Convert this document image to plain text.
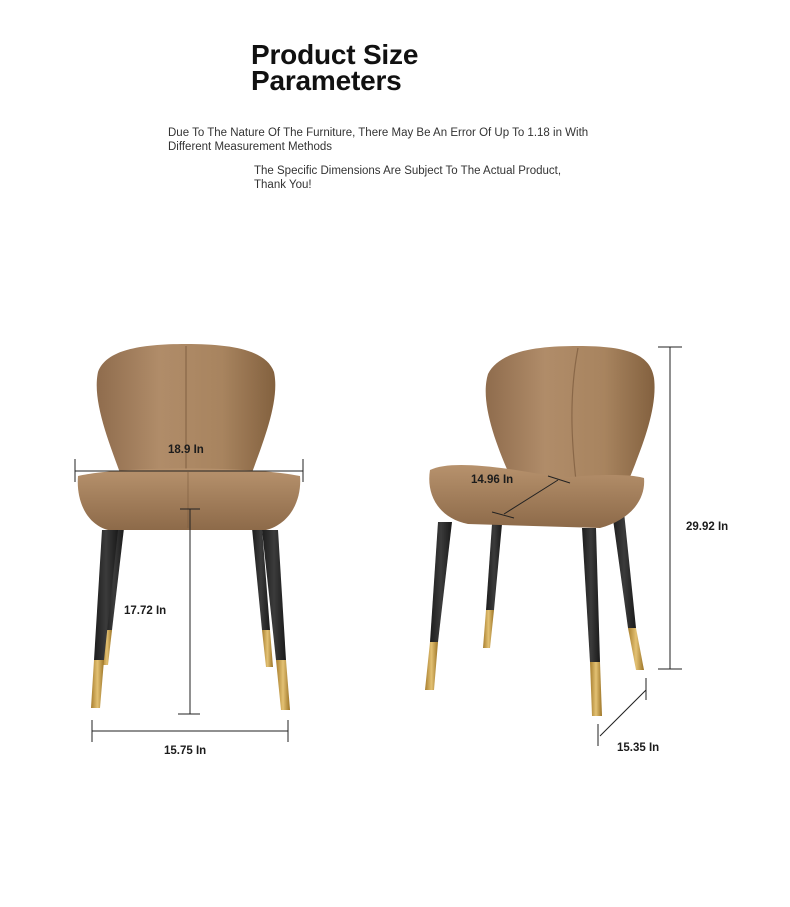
Product Size
Parameters
Due To The Nature Of The Furniture, There May Be An Error Of Up To 1.18 in With Different Measurement Methods
The Specific Dimensions Are Subject To The Actual Product, Thank You!
18.9 In
17.72 In
15.75 In
14.96 In
29.92 In
15.35 In
